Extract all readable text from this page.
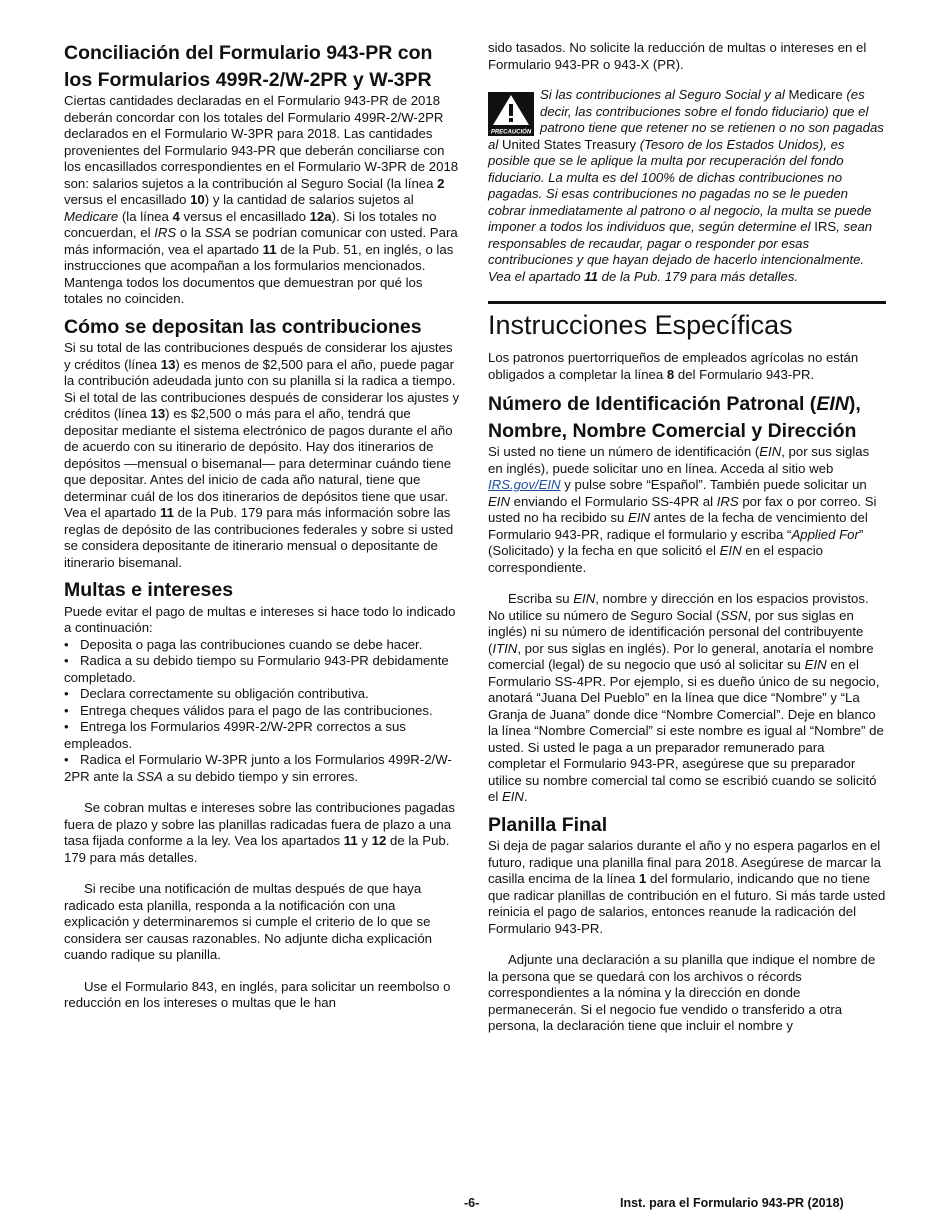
Conciliación del Formulario 943-PR con los Formularios 499R-2/W-2PR y W-3PR

Ciertas cantidades declaradas en el Formulario 943-PR de 2018 deberán concordar con los totales del Formulario 499R-2/W-2PR declarados en el Formulario W-3PR para 2018. Las cantidades provenientes del Formulario 943-PR que deberán conciliarse con los encasillados correspondientes en el Formulario W-3PR de 2018 son: salarios sujetos a la contribución al Seguro Social (la línea 2 versus el encasillado 10) y la cantidad de salarios sujetos al Medicare (la línea 4 versus el encasillado 12a). Si los totales no concuerdan, el IRS o la SSA se podrían comunicar con usted. Para más información, vea el apartado 11 de la Pub. 51, en inglés, o las instrucciones que acompañan a los formularios mencionados. Mantenga todos los documentos que demuestran por qué los totales no coinciden.

Cómo se depositan las contribuciones

Si su total de las contribuciones después de considerar los ajustes y créditos (línea 13) es menos de $2,500 para el año, puede pagar la contribución adeudada junto con su planilla si la radica a tiempo. Si el total de las contribuciones después de considerar los ajustes y créditos (línea 13) es $2,500 o más para el año, tendrá que depositar mediante el sistema electrónico de pagos durante el año de acuerdo con su itinerario de depósito. Hay dos itinerarios de depósitos —mensual o bisemanal— para determinar cuándo tiene que depositar. Antes del inicio de cada año natural, tiene que determinar cuál de los dos itinerarios de depósitos tiene que usar. Vea el apartado 11 de la Pub. 179 para más información sobre las reglas de depósito de las contribuciones federales y sobre si usted se considera depositante de itinerario mensual o depositante de itinerario bisemanal.

Multas e intereses

Puede evitar el pago de multas e intereses si hace todo lo indicado a continuación:

• Deposita o paga las contribuciones cuando se debe hacer.

• Radica a su debido tiempo su Formulario 943-PR debidamente completado.

• Declara correctamente su obligación contributiva.

• Entrega cheques válidos para el pago de las contribuciones.

• Entrega los Formularios 499R-2/W-2PR correctos a sus empleados.

• Radica el Formulario W-3PR junto a los Formularios 499R-2/W-2PR ante la SSA a su debido tiempo y sin errores.

Se cobran multas e intereses sobre las contribuciones pagadas fuera de plazo y sobre las planillas radicadas fuera de plazo a una tasa fijada conforme a la ley. Vea los apartados 11 y 12 de la Pub. 179 para más detalles.

Si recibe una notificación de multas después de que haya radicado esta planilla, responda a la notificación con una explicación y determinaremos si cumple el criterio de lo que se considera ser causas razonables. No adjunte dicha explicación cuando radique su planilla.

Use el Formulario 843, en inglés, para solicitar un reembolso o reducción en los intereses o multas que le han

sido tasados. No solicite la reducción de multas o intereses en el Formulario 943-PR o 943-X (PR).

PRECAUCIÓN
Si las contribuciones al Seguro Social y al Medicare (es decir, las contribuciones sobre el fondo fiduciario) que el patrono tiene que retener no se retienen o no son pagadas al United States Treasury (Tesoro de los Estados Unidos), es posible que se le aplique la multa por recuperación del fondo fiduciario. La multa es del 100% de dichas contribuciones no pagadas. Si esas contribuciones no pagadas no se le pueden cobrar inmediatamente al patrono o al negocio, la multa se puede imponer a todos los individuos que, según determine el IRS, sean responsables de recaudar, pagar o responder por esas contribuciones y que hayan dejado de hacerlo intencionalmente. Vea el apartado 11 de la Pub. 179 para más detalles.
Instrucciones Específicas

Los patronos puertorriqueños de empleados agrícolas no están obligados a completar la línea 8 del Formulario 943-PR.

Número de Identificación Patronal (EIN), Nombre, Nombre Comercial y Dirección

Si usted no tiene un número de identificación (EIN, por sus siglas en inglés), puede solicitar uno en línea. Acceda al sitio web IRS.gov/EIN y pulse sobre “Español”. También puede solicitar un EIN enviando el Formulario SS-4PR al IRS por fax o por correo. Si usted no ha recibido su EIN antes de la fecha de vencimiento del Formulario 943-PR, radique el formulario y escriba “Applied For” (Solicitado) y la fecha en que solicitó el EIN en el espacio correspondiente.

Escriba su EIN, nombre y dirección en los espacios provistos. No utilice su número de Seguro Social (SSN, por sus siglas en inglés) ni su número de identificación personal del contribuyente (ITIN, por sus siglas en inglés). Por lo general, anotaría el nombre comercial (legal) de su negocio que usó al solicitar su EIN en el Formulario SS-4PR. Por ejemplo, si es dueño único de su negocio, anotará “Juana Del Pueblo” en la línea que dice “Nombre” y “La Granja de Juana” donde dice “Nombre Comercial”. Deje en blanco la línea “Nombre Comercial” si este nombre es igual al “Nombre” de usted. Si usted le paga a un preparador remunerado para completar el Formulario 943-PR, asegúrese que su preparador utilice su nombre comercial tal como se escribió cuando se solicitó el EIN.

Planilla Final

Si deja de pagar salarios durante el año y no espera pagarlos en el futuro, radique una planilla final para 2018. Asegúrese de marcar la casilla encima de la línea 1 del formulario, indicando que no tiene que radicar planillas de contribución en el futuro. Si más tarde usted reinicia el pago de salarios, entonces reanude la radicación del Formulario 943-PR.

Adjunte una declaración a su planilla que indique el nombre de la persona que se quedará con los archivos o récords correspondientes a la nómina y la dirección en donde permanecerán. Si el negocio fue vendido o transferido a otra persona, la declaración tiene que incluir el nombre y

-6-	Inst. para el Formulario 943-PR (2018)
